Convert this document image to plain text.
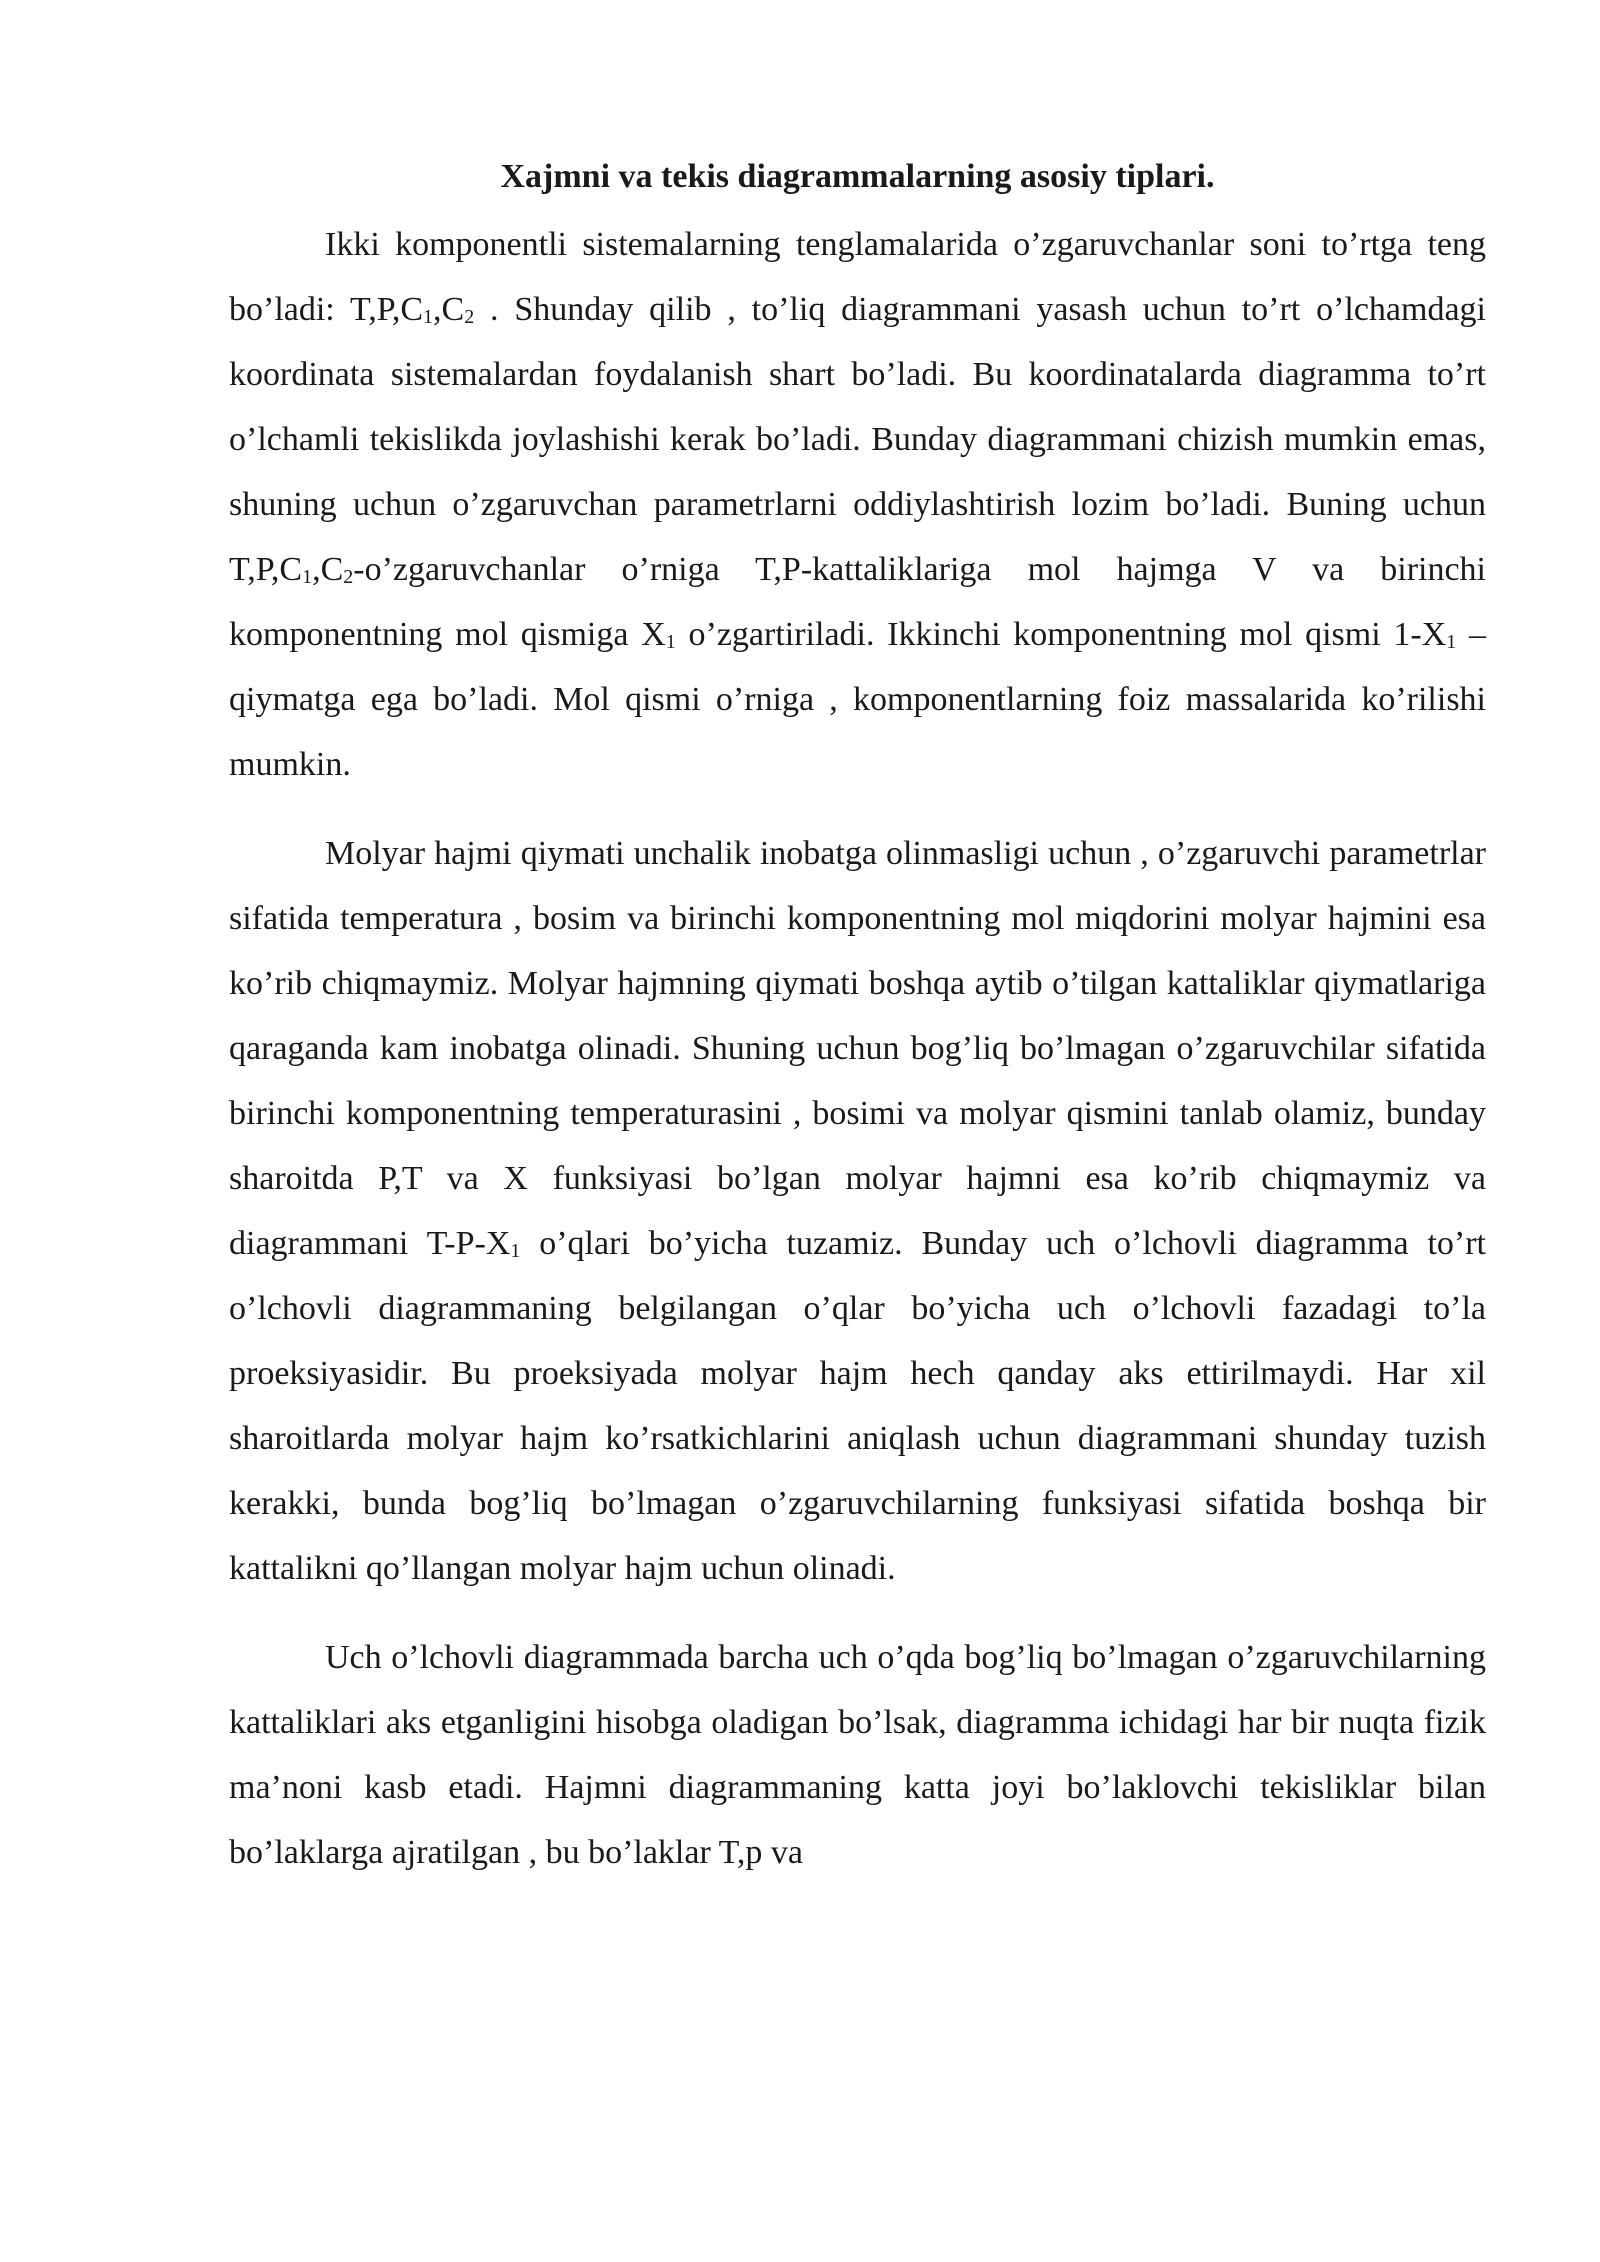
Xajmni va tekis diagrammalarning asosiy tiplari.

Ikki komponentli sistemalarning tenglamalarida o’zgaruvchanlar soni to’rtga teng bo’ladi: $T,P,C_1,C_2$ . Shunday qilib , to’liq diagrammani yasash uchun to’rt o’lchamdagi koordinata sistemalardan foydalanish shart bo’ladi. Bu koordinatalarda diagramma to’rt o’lchamli tekislikda joylashishi kerak bo’ladi. Bunday diagrammani chizish mumkin emas, shuning uchun o’zgaruvchan parametrlarni oddiylashtirish lozim bo’ladi. Buning uchun $T,P,C_1,C_2-o’zgaruvchanlar$ o’rniga T,P-kattaliklariga mol hajmga V va birinchi komponentning mol qismiga $X_1$ o’zgartiriladi. Ikkinchi komponentning mol qismi $1-X_1$ –qiymatga ega bo’ladi. Mol qismi o’rniga , komponentlarning foiz massalarida ko’rilishi mumkin.

Molyar hajmi qiymati unchalik inobatga olinmasligi uchun , o’zgaruvchi parametrlar sifatida temperatura , bosim va birinchi komponentning mol miqdorini molyar hajmini esa ko’rib chiqmaymiz. Molyar hajmning qiymati boshqa aytib o’tilgan kattaliklar qiymatlariga qaraganda kam inobatga olinadi. Shuning uchun bog’liq bo’lmagan o’zgaruvchilar sifatida birinchi komponentning temperaturasini , bosimi va molyar qismini tanlab olamiz, bunday sharoitda P,T va X funksiyasi bo’lgan molyar hajmni esa ko’rib chiqmaymiz va diagrammani $T-P-X_1$ o’qlari bo’yicha tuzamiz. Bunday uch o’lchovli diagramma to’rt o’lchovli diagrammaning belgilangan o’qlar bo’yicha uch o’lchovli fazadagi to’la proeksiyasidir. Bu proeksiyada molyar hajm hech qanday aks ettirilmaydi. Har xil sharoitlarda molyar hajm ko’rsatkichlarini aniqlash uchun diagrammani shunday tuzish kerakki, bunda bog’liq bo’lmagan o’zgaruvchilarning funksiyasi sifatida boshqa bir kattalikni qo’llangan molyar hajm uchun olinadi.

Uch o’lchovli diagrammada barcha uch o’qda bog’liq bo’lmagan o’zgaruvchilarning kattaliklari aks etganligini hisobga oladigan bo’lsak, diagramma ichidagi har bir nuqta fizik ma’noni kasb etadi. Hajmni diagrammaning katta joyi bo’laklovchi tekisliklar bilan bo’laklarga ajratilgan , bu bo’laklar T,p va
